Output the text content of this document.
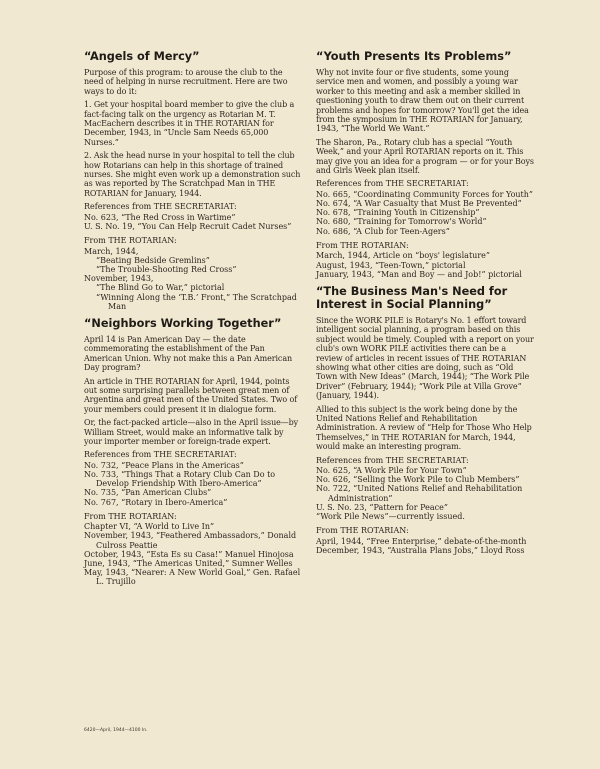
“Angels of Mercy”

Purpose of this program: to arouse the club to the need of helping in nurse recruitment. Here are two ways to do it:

1. Get your hospital board member to give the club a fact-facing talk on the urgency as Rotarian M. T. MacEachern describes it in THE ROTARIAN for December, 1943, in “Uncle Sam Needs 65,000 Nurses.”

2. Ask the head nurse in your hospital to tell the club how Rotarians can help in this shortage of trained nurses. She might even work up a demonstration such as was reported by The Scratchpad Man in THE ROTARIAN for January, 1944.

References from THE SECRETARIAT:
No. 623, “The Red Cross in Wartime”
U. S. No. 19, “You Can Help Recruit Cadet Nurses”
From THE ROTARIAN:
March, 1944,
“Beating Bedside Gremlins”
“The Trouble-Shooting Red Cross”
November, 1943,
“The Blind Go to War,” pictorial
“Winning Along the ‘T.B.’ Front,” The Scratchpad Man
“Neighbors Working Together”

April 14 is Pan American Day — the date commemorating the establishment of the Pan American Union. Why not make this a Pan American Day program?

An article in THE ROTARIAN for April, 1944, points out some surprising parallels between great men of Argentina and great men of the United States. Two of your members could present it in dialogue form.

Or, the fact-packed article—also in the April issue—by William Street, would make an informative talk by your importer member or foreign-trade expert.

References from THE SECRETARIAT:
No. 732, “Peace Plans in the Americas”
No. 733, “Things That a Rotary Club Can Do to Develop Friendship With Ibero-America”
No. 735, “Pan American Clubs”
No. 767, “Rotary in Ibero-America”
From THE ROTARIAN:
Chapter VI, “A World to Live In”
November, 1943, “Feathered Ambassadors,” Donald Culross Peattie
October, 1943, “Esta Es su Casa!” Manuel Hinojosa
June, 1943, “The Americas United,” Sumner Welles
May, 1943, “Nearer: A New World Goal,” Gen. Rafael L. Trujillo
“Youth Presents Its Problems”

Why not invite four or five students, some young service men and women, and possibly a young war worker to this meeting and ask a member skilled in questioning youth to draw them out on their current problems and hopes for tomorrow? You'll get the idea from the symposium in THE ROTARIAN for January, 1943, “The World We Want.”

The Sharon, Pa., Rotary club has a special “Youth Week,” and your April ROTARIAN reports on it. This may give you an idea for a program — or for your Boys and Girls Week plan itself.

References from THE SECRETARIAT:
No. 665, “Coordinating Community Forces for Youth”
No. 674, “A War Casualty that Must Be Prevented”
No. 678, “Training Youth in Citizenship”
No. 680, “Training for Tomorrow's World”
No. 686, “A Club for Teen-Agers”
From THE ROTARIAN:
March, 1944, Article on “boys' legislature”
August, 1943, “Teen-Town,” pictorial
January, 1943, “Man and Boy — and Job!” pictorial
“The Business Man's Need for Interest in Social Planning”

Since the WORK PILE is Rotary's No. 1 effort toward intelligent social planning, a program based on this subject would be timely. Coupled with a report on your club's own WORK PILE activities there can be a review of articles in recent issues of THE ROTARIAN showing what other cities are doing, such as “Old Town with New Ideas” (March, 1944); “The Work Pile Driver” (February, 1944); “Work Pile at Villa Grove” (January, 1944).

Allied to this subject is the work being done by the United Nations Relief and Rehabilitation Administration. A review of “Help for Those Who Help Themselves,” in THE ROTARIAN for March, 1944, would make an interesting program.

References from THE SECRETARIAT:
No. 625, “A Work Pile for Your Town”
No. 626, “Selling the Work Pile to Club Members”
No. 722, “United Nations Relief and Rehabilitation Administration”
U. S. No. 23, “Pattern for Peace”
“Work Pile News”—currently issued.
From THE ROTARIAN:
April, 1944, “Free Enterprise,” debate-of-the-month
December, 1943, “Australia Plans Jobs,” Lloyd Ross
6420—April, 1944—4100 In.
